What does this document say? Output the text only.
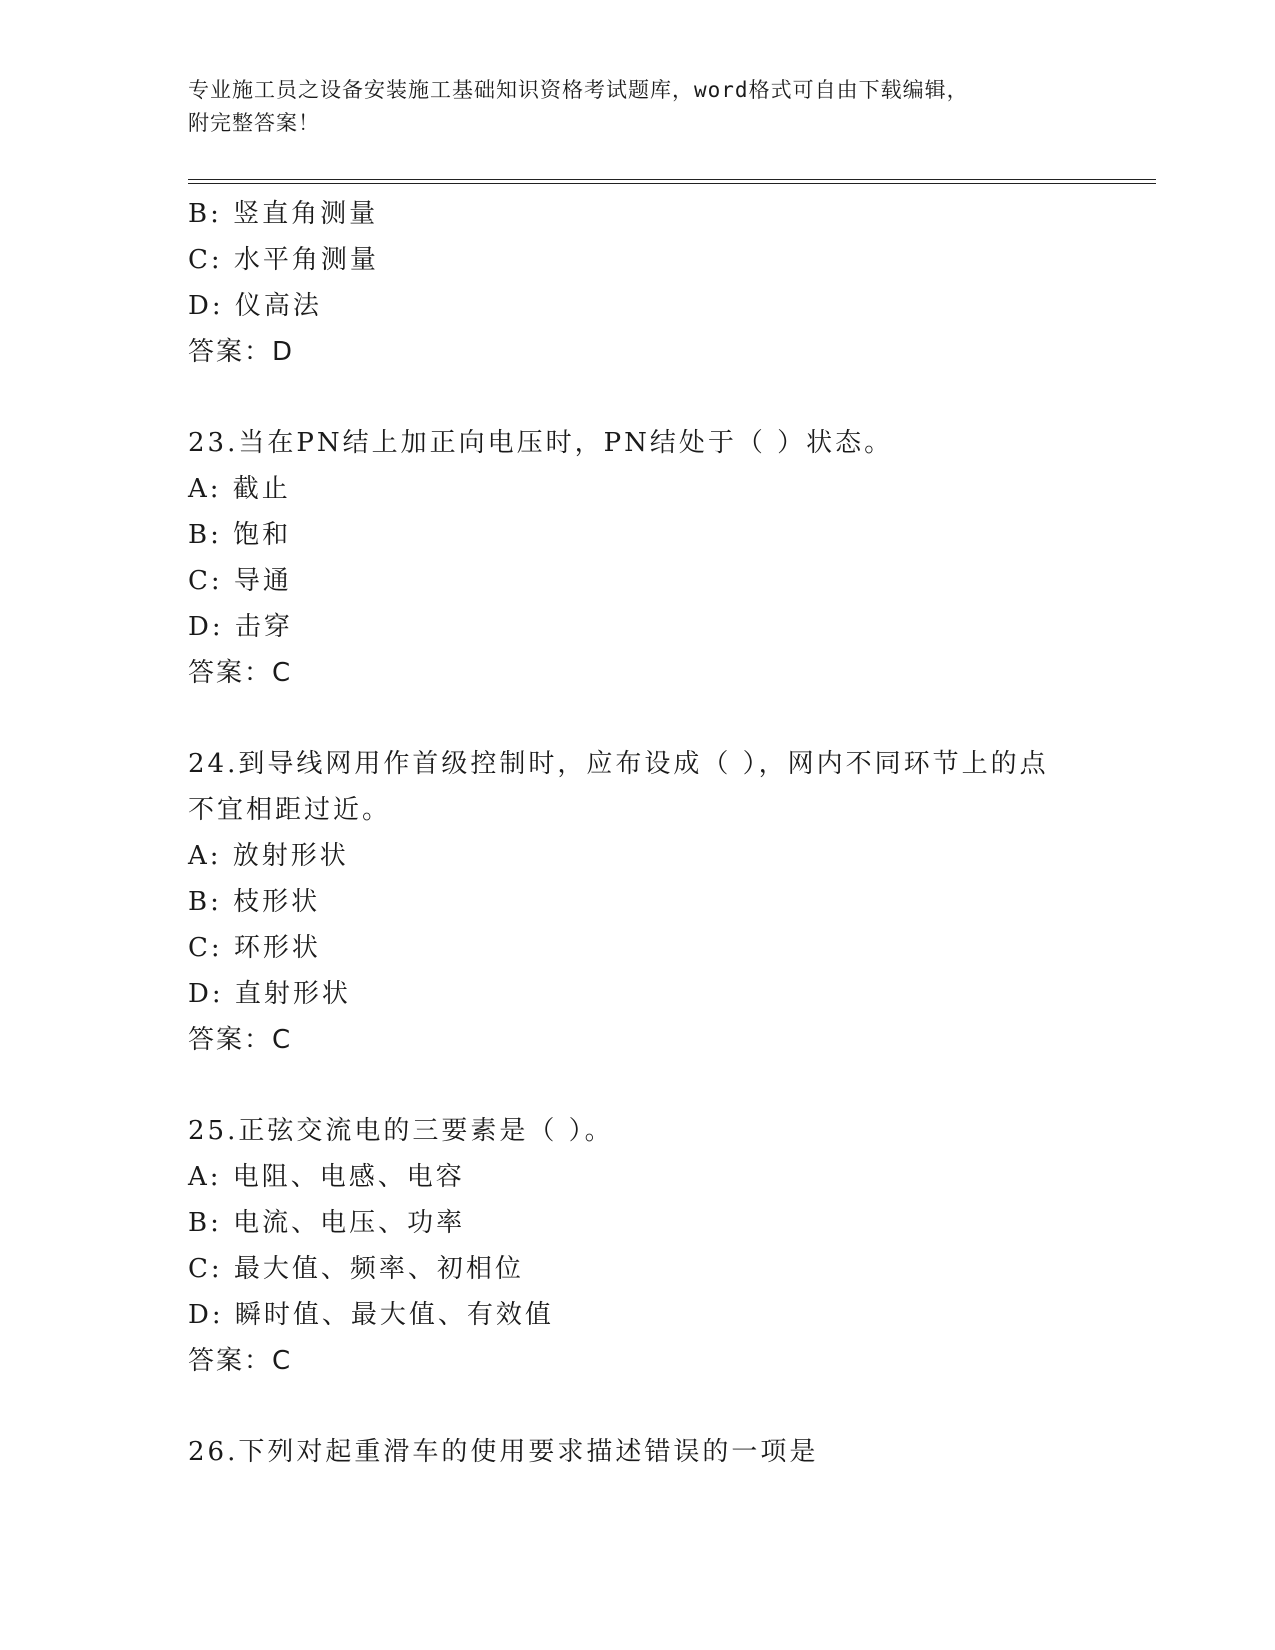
专业施工员之设备安装施工基础知识资格考试题库，word格式可自由下载编辑，
附完整答案！
B: 竖直角测量
C: 水平角测量
D: 仪高法
答案：D
23.当在PN结上加正向电压时，PN结处于（ ）状态。
A: 截止
B: 饱和
C: 导通
D: 击穿
答案：C
24.到导线网用作首级控制时，应布设成（ ），网内不同环节上的点
不宜相距过近。
A: 放射形状
B: 枝形状
C: 环形状
D: 直射形状
答案：C
25.正弦交流电的三要素是（ ）。
A: 电阻、电感、电容
B: 电流、电压、功率
C: 最大值、频率、初相位
D: 瞬时值、最大值、有效值
答案：C
26.下列对起重滑车的使用要求描述错误的一项是
